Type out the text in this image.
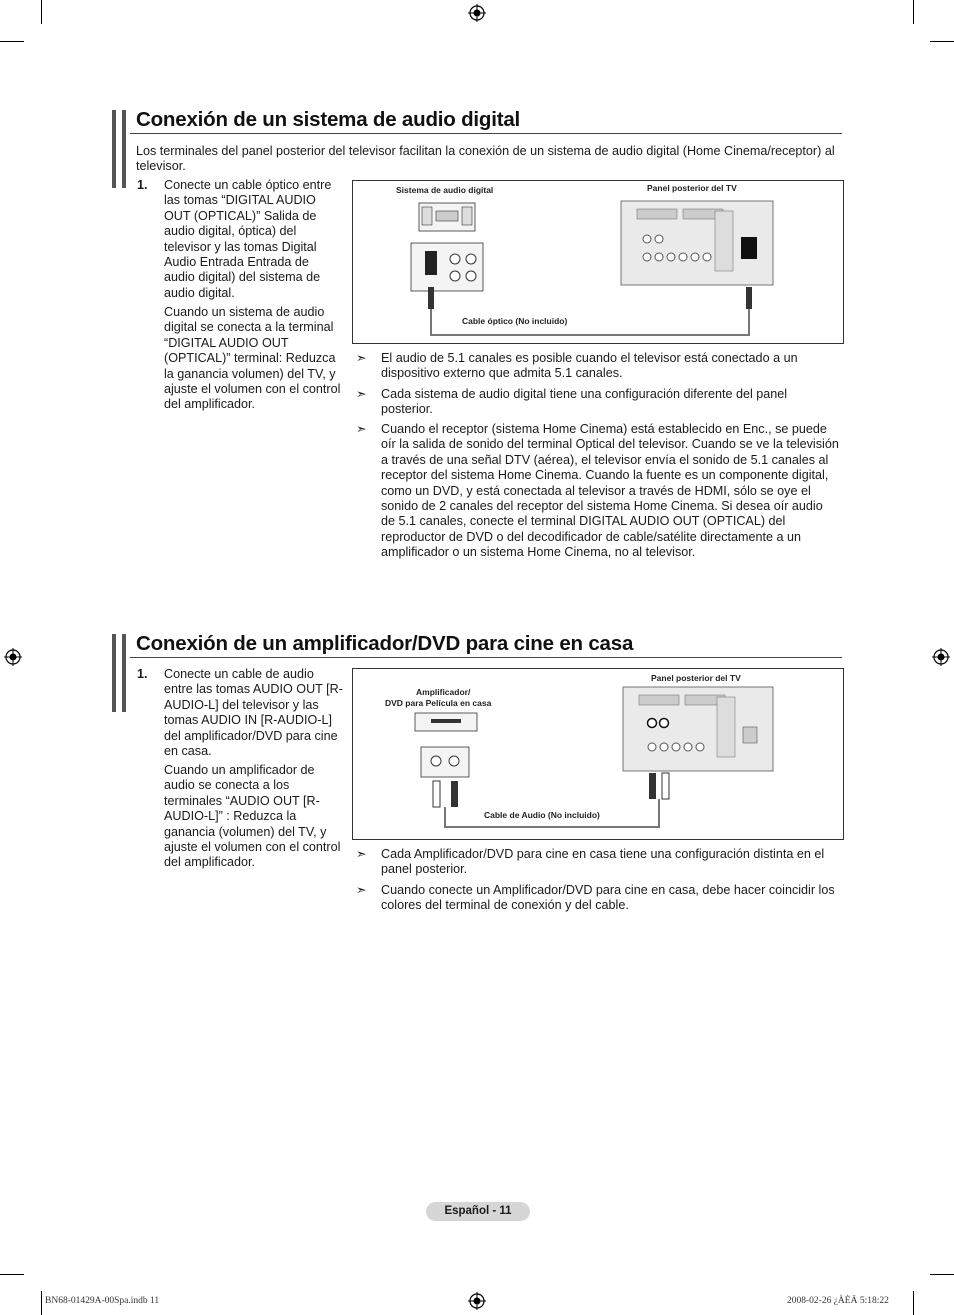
Conexión de un sistema de audio digital
Los terminales del panel posterior del televisor facilitan la conexión de un sistema de audio digital (Home Cinema/receptor) al televisor.
1. Conecte un cable óptico entre las tomas “DIGITAL AUDIO OUT (OPTICAL)” Salida de audio digital, óptica) del televisor y las tomas Digital Audio Entrada Entrada de audio digital) del sistema de audio digital.
Cuando un sistema de audio digital se conecta a la terminal “DIGITAL AUDIO OUT (OPTICAL)” terminal: Reduzca la ganancia volumen) del TV, y ajuste el volumen con el control del amplificador.
Sistema de audio digital	Panel posterior del TV
Cable óptico (No incluido)
➣	El audio de 5.1 canales es posible cuando el televisor está conectado a un dispositivo externo que admita 5.1 canales.
➣	Cada sistema de audio digital tiene una configuración diferente del panel posterior.
➣	Cuando el receptor (sistema Home Cinema) está establecido en Enc., se puede oír la salida de sonido del terminal Optical del televisor. Cuando se ve la televisión a través de una señal DTV (aérea), el televisor envía el sonido de 5.1 canales al receptor del sistema Home Cinema. Cuando la fuente es un componente digital, como un DVD, y está conectada al televisor a través de HDMI, sólo se oye el sonido de 2 canales del receptor del sistema Home Cinema. Si desea oír audio de 5.1 canales, conecte el terminal DIGITAL AUDIO OUT (OPTICAL) del reproductor de DVD o del decodificador de cable/satélite directamente a un amplificador o un sistema Home Cinema, no al televisor.
Conexión de un amplificador/DVD para cine en casa
1. Conecte un cable de audio entre las tomas AUDIO OUT [R-AUDIO-L] del televisor y las tomas AUDIO IN [R-AUDIO-L] del amplificador/DVD para cine en casa.
Cuando un amplificador de audio se conecta a los terminales “AUDIO OUT [R-AUDIO-L]” : Reduzca la ganancia (volumen) del TV, y ajuste el volumen con el control del amplificador.
Panel posterior del TV
Amplificador/
DVD para Película en casa
Cable de Audio (No incluido)
➣	Cada Amplificador/DVD para cine en casa tiene una configuración distinta en el panel posterior.
➣	Cuando conecte un Amplificador/DVD para cine en casa, debe hacer coincidir los colores del terminal de conexión y del cable.
Español - 11
BN68-01429A-00Spa.indb 11	2008-02-26 ¿ÀÈÄ 5:18:22
